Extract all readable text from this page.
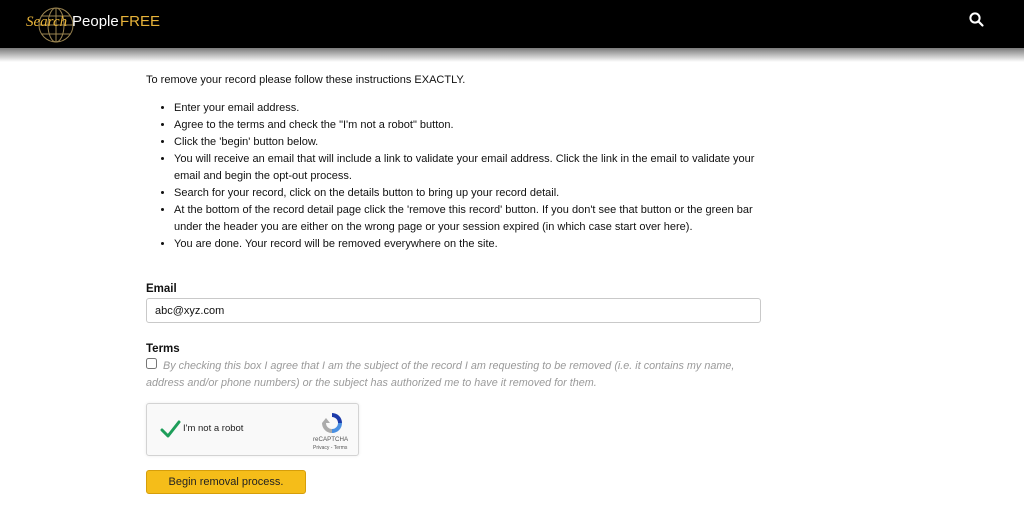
Search People FREE

To remove your record please follow these instructions EXACTLY.

• Enter your email address.
• Agree to the terms and check the "I'm not a robot" button.
• Click the 'begin' button below.
• You will receive an email that will include a link to validate your email address. Click the link in the email to validate your email and begin the opt-out process.
• Search for your record, click on the details button to bring up your record detail.
• At the bottom of the record detail page click the 'remove this record' button. If you don't see that button or the green bar under the header you are either on the wrong page or your session expired (in which case start over here).
• You are done. Your record will be removed everywhere on the site.
Email
abc@xyz.com
Terms
By checking this box I agree that I am the subject of the record I am requesting to be removed (i.e. it contains my name, address and/or phone numbers) or the subject has authorized me to have it removed for them.
I'm not a robot
reCAPTCHA
Privacy - Terms
Begin removal process.
